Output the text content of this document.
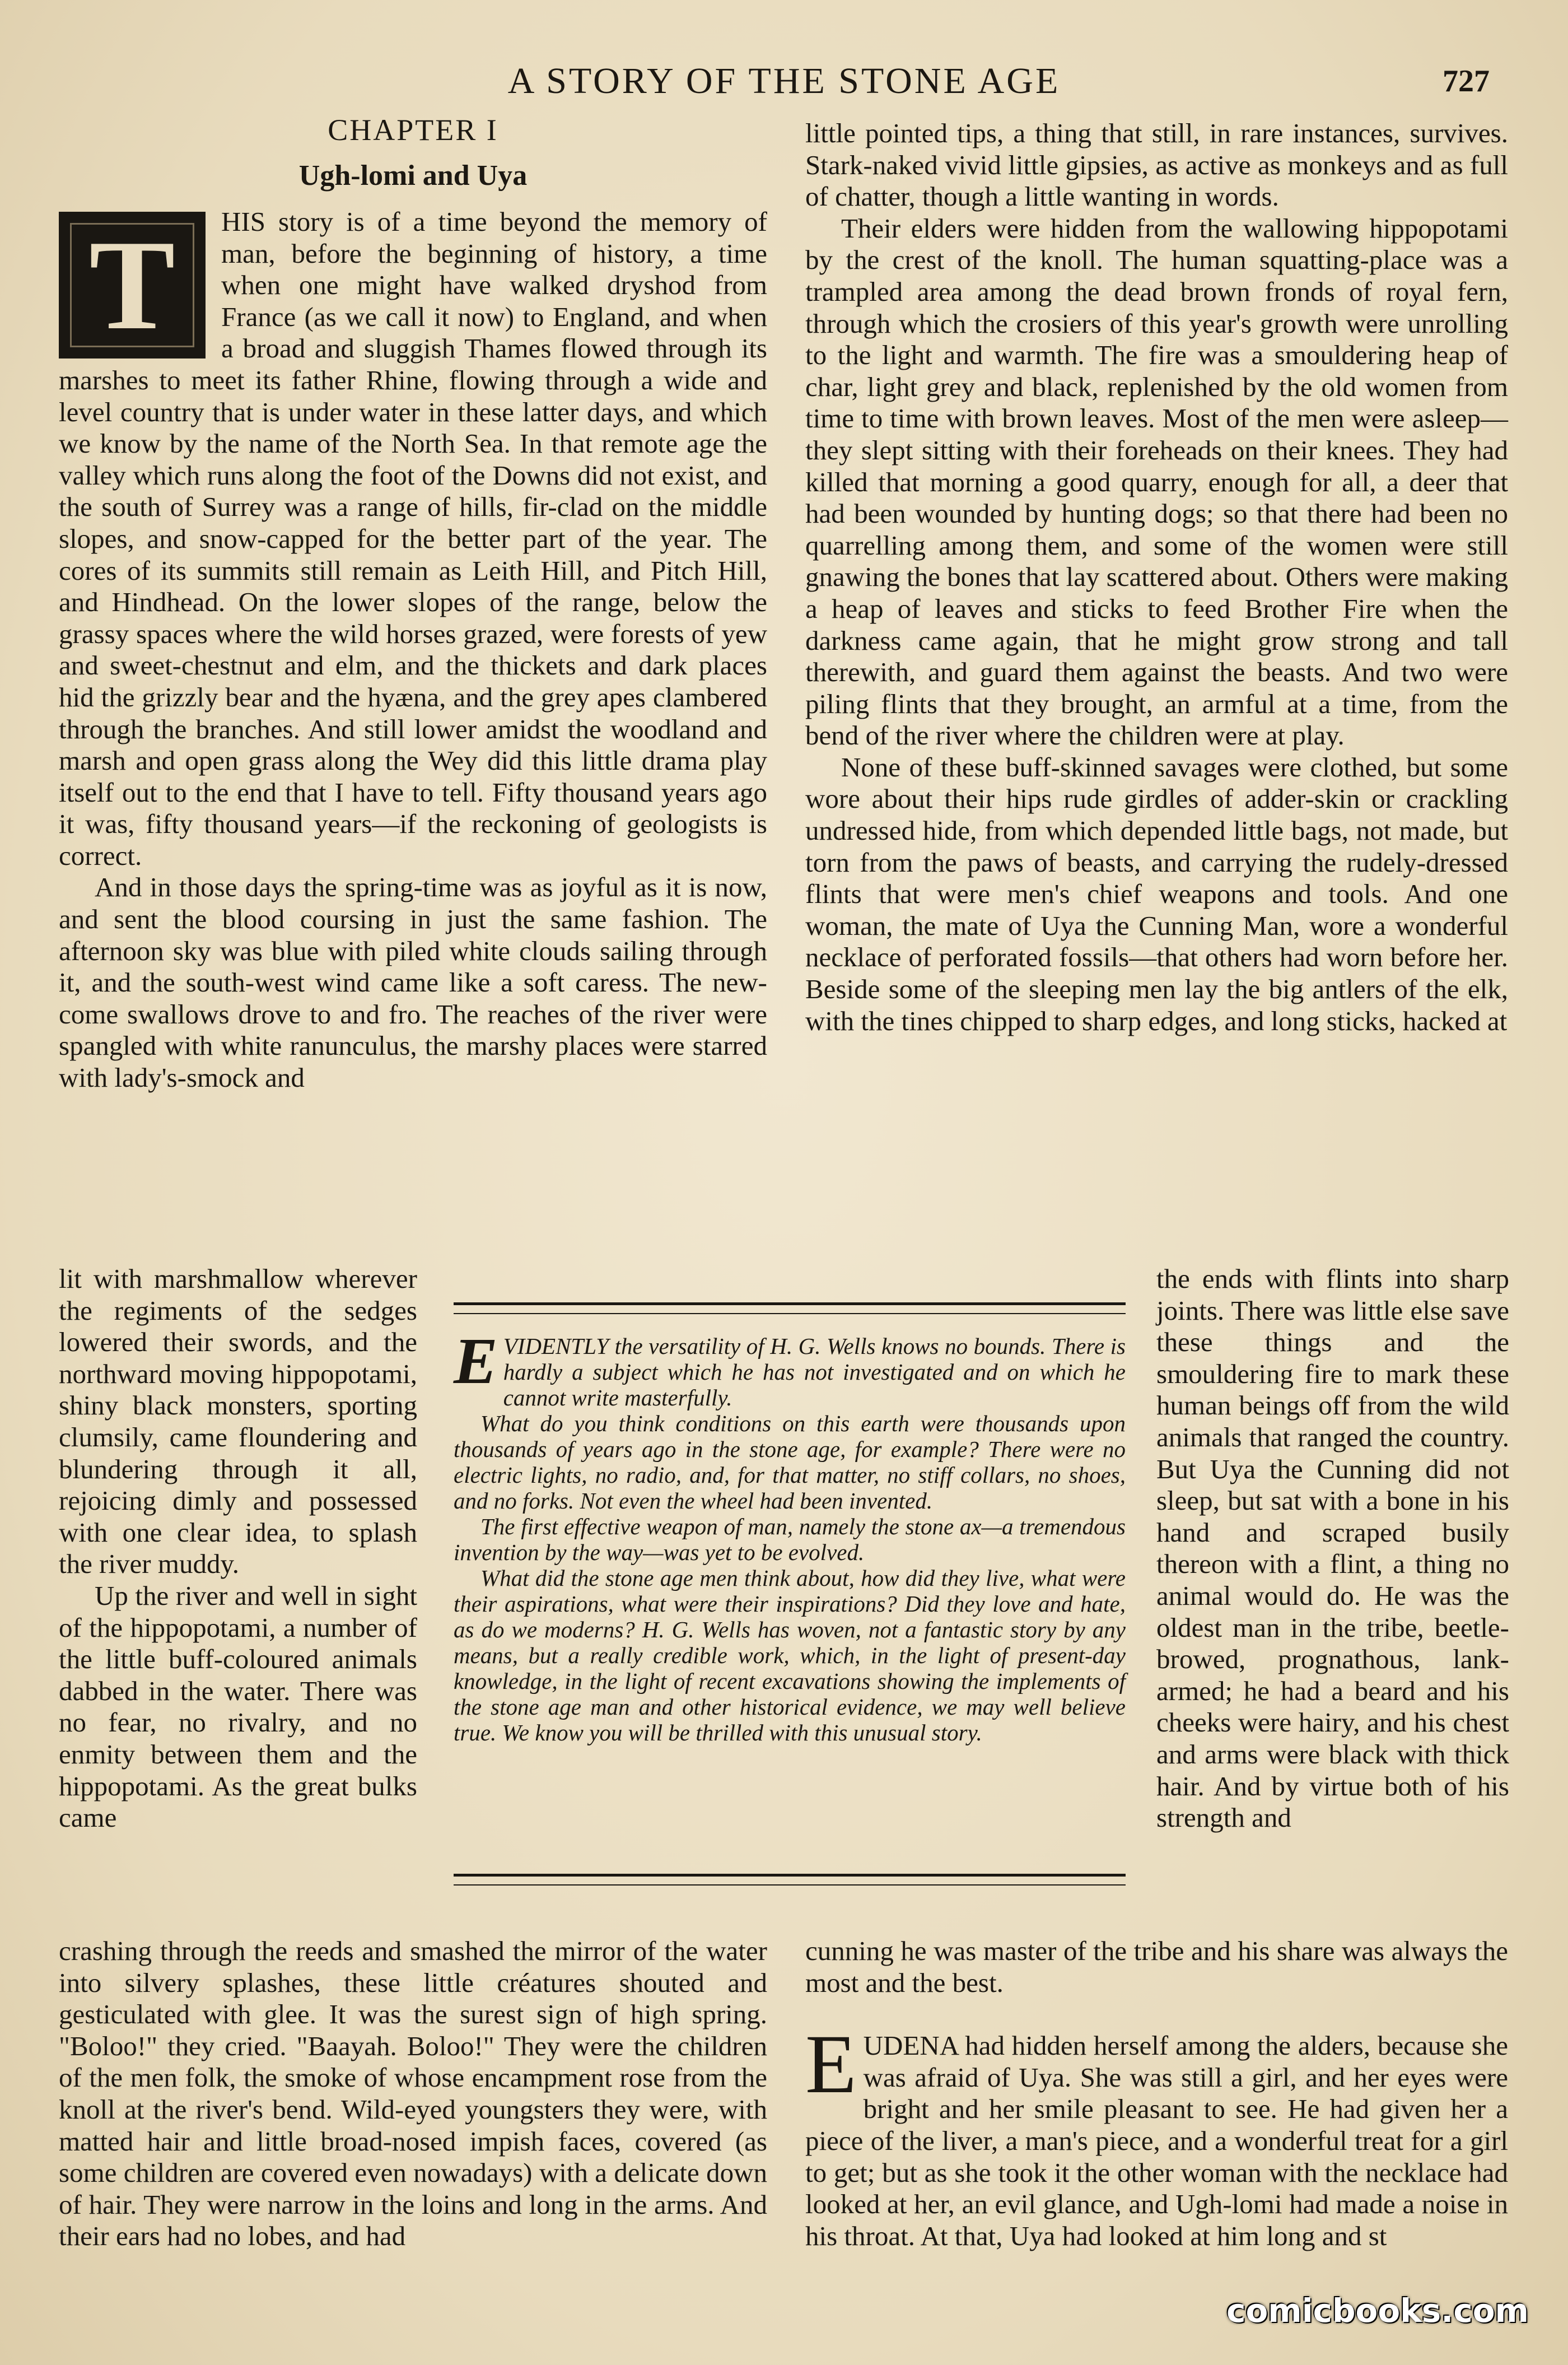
A STORY OF THE STONE AGE	727
CHAPTER I
Ugh-lomi and Uya
T	HIS story is of a time beyond the memory of man, before the beginning of history, a time when one might have walked dryshod from France (as we call it now) to England, and when a broad and sluggish Thames flowed through its marshes to meet its father Rhine, flowing through a wide and level country that is under water in these latter days, and which we know by the name of the North Sea. In that remote age the valley which runs along the foot of the Downs did not exist, and the south of Surrey was a range of hills, fir-clad on the middle slopes, and snow-capped for the better part of the year. The cores of its summits still remain as Leith Hill, and Pitch Hill, and Hindhead. On the lower slopes of the range, below the grassy spaces where the wild horses grazed, were forests of yew and sweet-chestnut and elm, and the thickets and dark places hid the grizzly bear and the hyæna, and the grey apes clambered through the branches. And still lower amidst the woodland and marsh and open grass along the Wey did this little drama play itself out to the end that I have to tell. Fifty thousand years ago it was, fifty thousand years—if the reckoning of geologists is correct.

And in those days the spring-time was as joyful as it is now, and sent the blood coursing in just the same fashion. The afternoon sky was blue with piled white clouds sailing through it, and the south-west wind came like a soft caress. The new-come swallows drove to and fro. The reaches of the river were spangled with white ranunculus, the marshy places were starred with lady's-smock and

lit with marshmallow wherever the regiments of the sedges lowered their swords, and the northward moving hippopotami, shiny black monsters, sporting clumsily, came floundering and blundering through it all, rejoicing dimly and possessed with one clear idea, to splash the river muddy.

Up the river and well in sight of the hippopotami, a number of the little buff-coloured animals dabbed in the water. There was no fear, no rivalry, and no enmity between them and the hippopotami. As the great bulks came

EVIDENTLY the versatility of H. G. Wells knows no bounds. There is hardly a subject which he has not investigated and on which he cannot write masterfully.

What do you think conditions on this earth were thousands upon thousands of years ago in the stone age, for example? There were no electric lights, no radio, and, for that matter, no stiff collars, no shoes, and no forks. Not even the wheel had been invented.

The first effective weapon of man, namely the stone ax—a tremendous invention by the way—was yet to be evolved.

What did the stone age men think about, how did they live, what were their aspirations, what were their inspirations? Did they love and hate, as do we moderns? H. G. Wells has woven, not a fantastic story by any means, but a really credible work, which, in the light of present-day knowledge, in the light of recent excavations showing the implements of the stone age man and other historical evidence, we may well believe true. We know you will be thrilled with this unusual story.

little pointed tips, a thing that still, in rare instances, survives. Stark-naked vivid little gipsies, as active as monkeys and as full of chatter, though a little wanting in words.

Their elders were hidden from the wallowing hippopotami by the crest of the knoll. The human squatting-place was a trampled area among the dead brown fronds of royal fern, through which the crosiers of this year's growth were unrolling to the light and warmth. The fire was a smouldering heap of char, light grey and black, replenished by the old women from time to time with brown leaves. Most of the men were asleep—they slept sitting with their foreheads on their knees. They had killed that morning a good quarry, enough for all, a deer that had been wounded by hunting dogs; so that there had been no quarrelling among them, and some of the women were still gnawing the bones that lay scattered about. Others were making a heap of leaves and sticks to feed Brother Fire when the darkness came again, that he might grow strong and tall therewith, and guard them against the beasts. And two were piling flints that they brought, an armful at a time, from the bend of the river where the children were at play.

None of these buff-skinned savages were clothed, but some wore about their hips rude girdles of adder-skin or crackling undressed hide, from which depended little bags, not made, but torn from the paws of beasts, and carrying the rudely-dressed flints that were men's chief weapons and tools. And one woman, the mate of Uya the Cunning Man, wore a wonderful necklace of perforated fossils—that others had worn before her. Beside some of the sleeping men lay the big antlers of the elk, with the tines chipped to sharp edges, and long sticks, hacked at

the ends with flints into sharp joints. There was little else save these things and the smouldering fire to mark these human beings off from the wild animals that ranged the country. But Uya the Cunning did not sleep, but sat with a bone in his hand and scraped busily thereon with a flint, a thing no animal would do. He was the oldest man in the tribe, beetle-browed, prognathous, lank-armed; he had a beard and his cheeks were hairy, and his chest and arms were black with thick hair. And by virtue both of his strength and

crashing through the reeds and smashed the mirror of the water into silvery splashes, these little créatures shouted and gesticulated with glee. It was the surest sign of high spring. "Boloo!" they cried. "Baayah. Boloo!" They were the children of the men folk, the smoke of whose encampment rose from the knoll at the river's bend. Wild-eyed youngsters they were, with matted hair and little broad-nosed impish faces, covered (as some children are covered even nowadays) with a delicate down of hair. They were narrow in the loins and long in the arms. And their ears had no lobes, and had

cunning he was master of the tribe and his share was always the most and the best.

EUDENA had hidden herself among the alders, because she was afraid of Uya. She was still a girl, and her eyes were bright and her smile pleasant to see. He had given her a piece of the liver, a man's piece, and a wonderful treat for a girl to get; but as she took it the other woman with the necklace had looked at her, an evil glance, and Ugh-lomi had made a noise in his throat. At that, Uya had looked at him long and st

comicbooks.com
